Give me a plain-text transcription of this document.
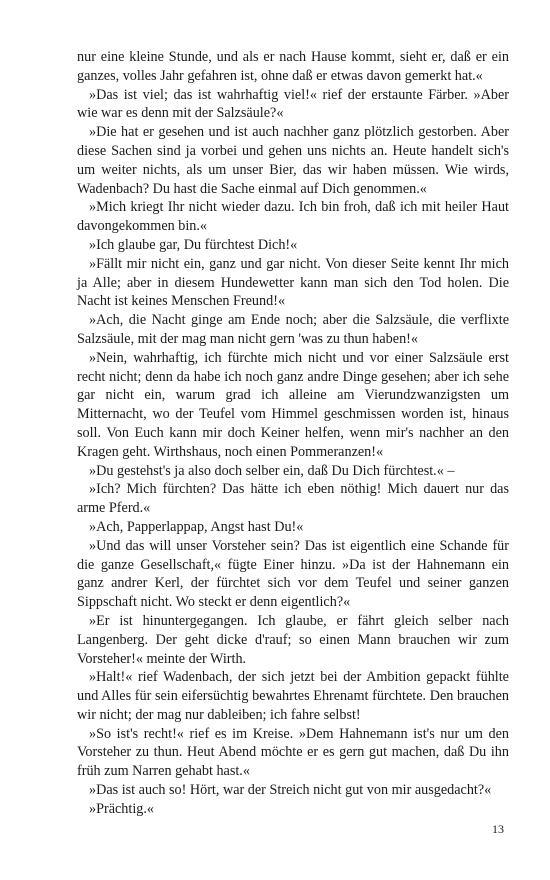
nur eine kleine Stunde, und als er nach Hause kommt, sieht er, daß er ein ganzes, volles Jahr gefahren ist, ohne daß er etwas davon gemerkt hat.«

»Das ist viel; das ist wahrhaftig viel!« rief der erstaunte Färber. »Aber wie war es denn mit der Salzsäule?«

»Die hat er gesehen und ist auch nachher ganz plötzlich gestorben. Aber diese Sachen sind ja vorbei und gehen uns nichts an. Heute handelt sich's um weiter nichts, als um unser Bier, das wir haben müssen. Wie wirds, Wadenbach? Du hast die Sache einmal auf Dich genommen.«

»Mich kriegt Ihr nicht wieder dazu. Ich bin froh, daß ich mit heiler Haut davongekommen bin.«

»Ich glaube gar, Du fürchtest Dich!«

»Fällt mir nicht ein, ganz und gar nicht. Von dieser Seite kennt Ihr mich ja Alle; aber in diesem Hundewetter kann man sich den Tod holen. Die Nacht ist keines Menschen Freund!«

»Ach, die Nacht ginge am Ende noch; aber die Salzsäule, die verflixte Salzsäule, mit der mag man nicht gern 'was zu thun haben!«

»Nein, wahrhaftig, ich fürchte mich nicht und vor einer Salzsäule erst recht nicht; denn da habe ich noch ganz andre Dinge gesehen; aber ich sehe gar nicht ein, warum grad ich alleine am Vierundzwanzigsten um Mitternacht, wo der Teufel vom Himmel geschmissen worden ist, hinaus soll. Von Euch kann mir doch Keiner helfen, wenn mir's nachher an den Kragen geht. Wirthshaus, noch einen Pommeranzen!«

»Du gestehst's ja also doch selber ein, daß Du Dich fürchtest.« –

»Ich? Mich fürchten? Das hätte ich eben nöthig! Mich dauert nur das arme Pferd.«

»Ach, Papperlappap, Angst hast Du!«

»Und das will unser Vorsteher sein? Das ist eigentlich eine Schande für die ganze Gesellschaft,« fügte Einer hinzu. »Da ist der Hahnemann ein ganz andrer Kerl, der fürchtet sich vor dem Teufel und seiner ganzen Sippschaft nicht. Wo steckt er denn eigentlich?«

»Er ist hinuntergegangen. Ich glaube, er fährt gleich selber nach Langenberg. Der geht dicke d'rauf; so einen Mann brauchen wir zum Vorsteher!« meinte der Wirth.

»Halt!« rief Wadenbach, der sich jetzt bei der Ambition gepackt fühlte und Alles für sein eifersüchtig bewahrtes Ehrenamt fürchtete. Den brauchen wir nicht; der mag nur dableiben; ich fahre selbst!

»So ist's recht!« rief es im Kreise. »Dem Hahnemann ist's nur um den Vorsteher zu thun. Heut Abend möchte er es gern gut machen, daß Du ihn früh zum Narren gehabt hast.«

»Das ist auch so! Hört, war der Streich nicht gut von mir ausgedacht?«

»Prächtig.«

13
